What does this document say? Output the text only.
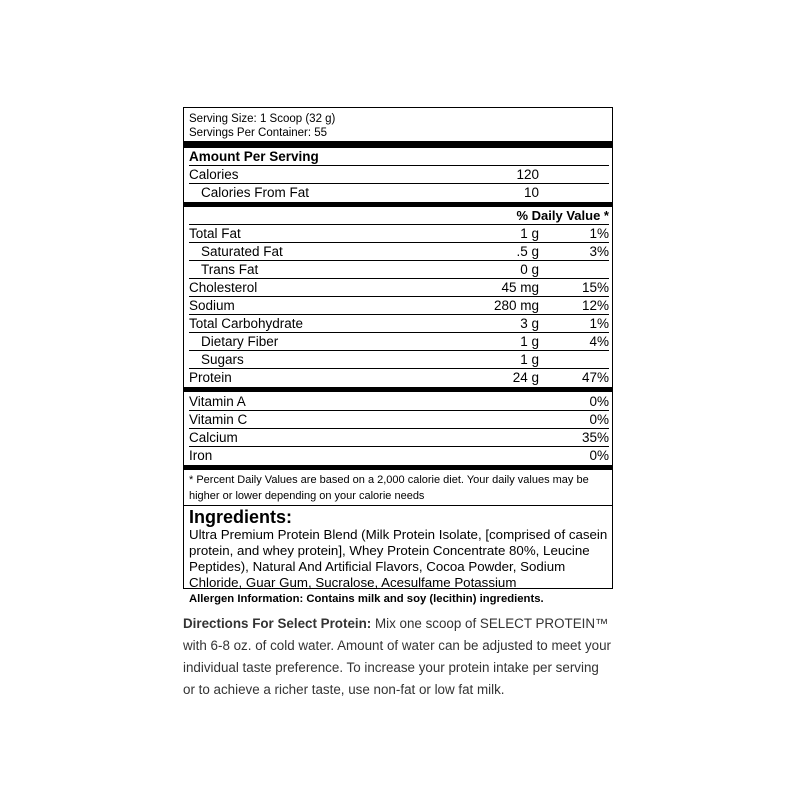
Serving Size: 1 Scoop (32 g)
Servings Per Container: 55
Amount Per Serving
Calories	120
Calories From Fat	10
% Daily Value *
Total Fat	1 g	1%
Saturated Fat	.5 g	3%
Trans Fat	0 g
Cholesterol	45 mg	15%
Sodium	280 mg	12%
Total Carbohydrate	3 g	1%
Dietary Fiber	1 g	4%
Sugars	1 g
Protein	24 g	47%
Vitamin A	0%
Vitamin C	0%
Calcium	35%
Iron	0%
* Percent Daily Values are based on a 2,000 calorie diet. Your daily values may be higher or lower depending on your calorie needs
Ingredients:
Ultra Premium Protein Blend (Milk Protein Isolate, [comprised of casein protein, and whey protein], Whey Protein Concentrate 80%, Leucine Peptides), Natural And Artificial Flavors, Cocoa Powder, Sodium Chloride, Guar Gum, Sucralose, Acesulfame Potassium
Allergen Information: Contains milk and soy (lecithin) ingredients.
Directions For Select Protein: Mix one scoop of SELECT PROTEIN™ with 6-8 oz. of cold water. Amount of water can be adjusted to meet your individual taste preference. To increase your protein intake per serving or to achieve a richer taste, use non-fat or low fat milk.
